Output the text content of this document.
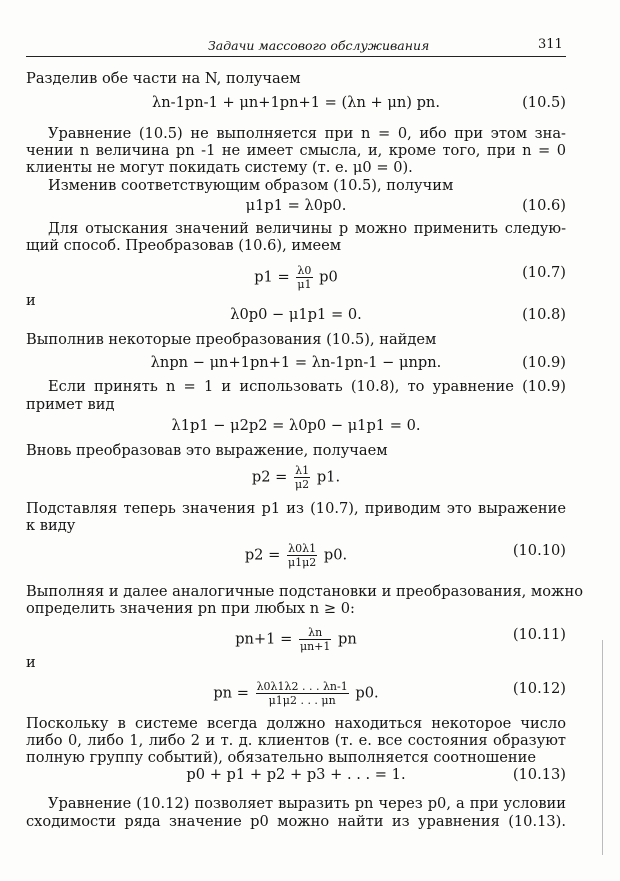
Задачи массового обслуживания	311
Разделив обе части на N, получаем
λn-1pn-1 + μn+1pn+1 = (λn + μn) pn.	(10.5)
Уравнение (10.5) не выполняется при n = 0, ибо при этом зна-
чении n величина pn -1 не имеет смысла, и, кроме того, при n = 0
клиенты не могут покидать систему (т. е. μ0 = 0).
Изменив соответствующим образом (10.5), получим
μ1p1 = λ0p0.	(10.6)
Для отыскания значений величины p можно применить следую-
щий способ. Преобразовав (10.6), имеем
$p1 = \frac{\lambda 0}{\mu 1} p0$	(10.7)
и
λ0p0 − μ1p1 = 0.	(10.8)
Выполнив некоторые преобразования (10.5), найдем
λnpn − μn+1pn+1 = λn-1pn-1 − μnpn.	(10.9)
Если принять n = 1 и использовать (10.8), то уравнение (10.9)
примет вид
λ1p1 − μ2p2 = λ0p0 − μ1p1 = 0.
Вновь преобразовав это выражение, получаем
$p2 = \frac{\lambda 1}{\mu 2} p1$.
Подставляя теперь значения p1 из (10.7), приводим это выражение
к виду
$p2 = \frac{\lambda 0\lambda 1}{\mu 1\mu 2} p0$.	(10.10)
Выполняя и далее аналогичные подстановки и преобразования, можно
определить значения pn при любых n ≥ 0:
$pn+1 = \frac{\lambda n}{\mu n+1}$ pn	(10.11)
и
pn = $\frac{\lambda 0\lambda 1\lambda 2 . . . \lambda n-1}{\mu 1\mu 2 . . . \mu n} p0$.	(10.12)
Поскольку в системе всегда должно находиться некоторое число
либо 0, либо 1, либо 2 и т. д. клиентов (т. е. все состояния образуют
полную группу событий), обязательно выполняется соотношение
p0 + p1 + p2 + p3 + . . . = 1.	(10.13)
Уравнение (10.12) позволяет выразить pn через p0, а при условии
сходимости ряда значение p0 можно найти из уравнения (10.13).
